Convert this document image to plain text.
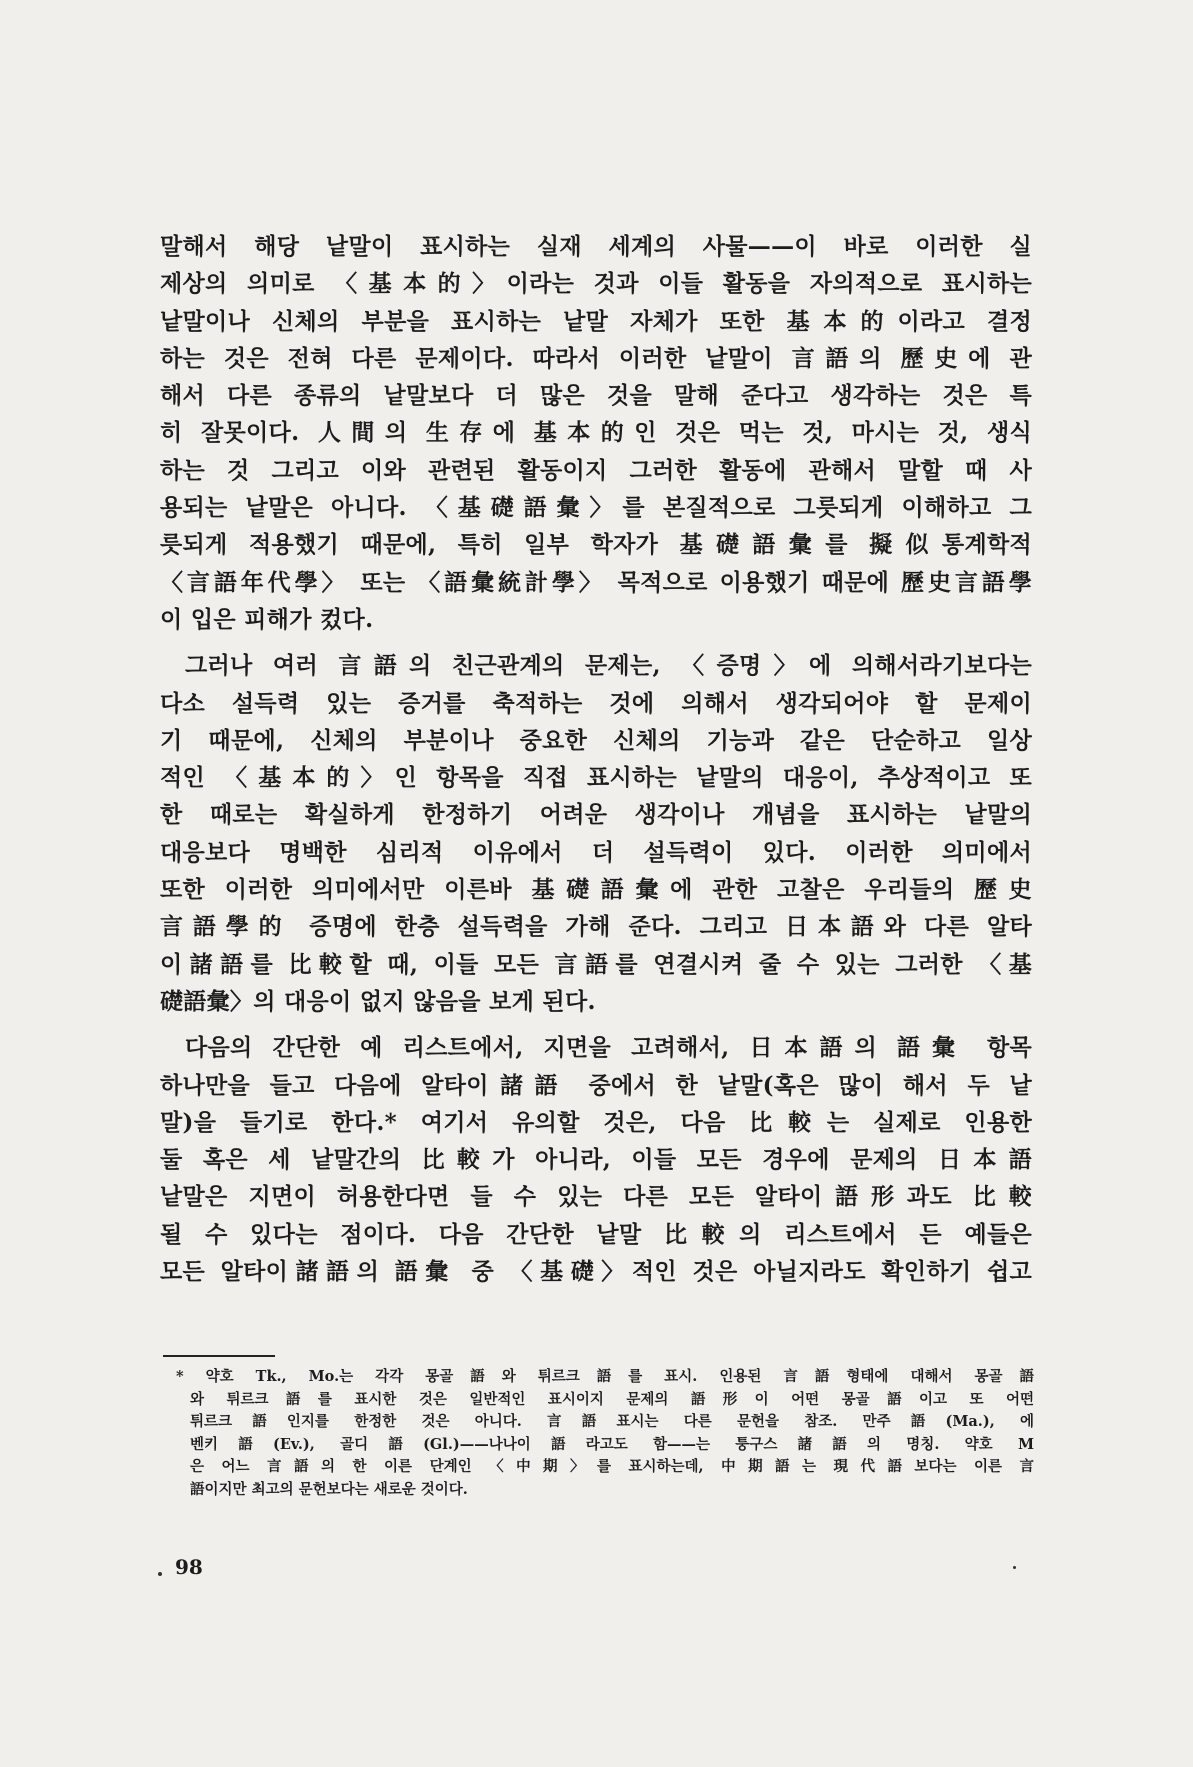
말해서 해당 낱말이 표시하는 실재 세계의 사물——이 바로 이러한 실
제상의 의미로 〈基本的〉이라는 것과 이들 활동을 자의적으로 표시하는
낱말이나 신체의 부분을 표시하는 낱말 자체가 또한 基本的이라고 결정
하는 것은 전혀 다른 문제이다. 따라서 이러한 낱말이 言語의 歷史에 관
해서 다른 종류의 낱말보다 더 많은 것을 말해 준다고 생각하는 것은 특
히 잘못이다. 人間의 生存에 基本的인 것은 먹는 것, 마시는 것, 생식
하는 것 그리고 이와 관련된 활동이지 그러한 활동에 관해서 말할 때 사
용되는 낱말은 아니다. 〈基礎語彙〉를 본질적으로 그릇되게 이해하고 그
릇되게 적용했기 때문에, 특히 일부 학자가 基礎語彙를 擬似통계학적
〈言語年代學〉 또는 〈語彙統計學〉 목적으로 이용했기 때문에 歷史言語學
이 입은 피해가 컸다.
그러나 여러 言語의 친근관계의 문제는, 〈증명〉에 의해서라기보다는
다소 설득력 있는 증거를 축적하는 것에 의해서 생각되어야 할 문제이
기 때문에, 신체의 부분이나 중요한 신체의 기능과 같은 단순하고 일상
적인 〈基本的〉인 항목을 직접 표시하는 낱말의 대응이, 추상적이고 또
한 때로는 확실하게 한정하기 어려운 생각이나 개념을 표시하는 낱말의
대응보다 명백한 심리적 이유에서 더 설득력이 있다. 이러한 의미에서
또한 이러한 의미에서만 이른바 基礎語彙에 관한 고찰은 우리들의 歷史
言語學的 증명에 한층 설득력을 가해 준다. 그리고 日本語와 다른 알타
이諸語를 比較할 때, 이들 모든 言語를 연결시켜 줄 수 있는 그러한 〈基
礎語彙〉의 대응이 없지 않음을 보게 된다.
다음의 간단한 예 리스트에서, 지면을 고려해서, 日本語의 語彙 항목
하나만을 들고 다음에 알타이諸語 중에서 한 낱말(혹은 많이 해서 두 낱
말)을 들기로 한다.* 여기서 유의할 것은, 다음 比較는 실제로 인용한
둘 혹은 세 낱말간의 比較가 아니라, 이들 모든 경우에 문제의 日本語
낱말은 지면이 허용한다면 들 수 있는 다른 모든 알타이語形과도 比較
될 수 있다는 점이다. 다음 간단한 낱말 比較의 리스트에서 든 예들은
모든 알타이諸語의 語彙 중 〈基礎〉적인 것은 아닐지라도 확인하기 쉽고
* 약호 Tk., Mo.는 각각 몽골語와 튀르크語를 표시. 인용된 言語형태에 대해서 몽골語
와 튀르크語를 표시한 것은 일반적인 표시이지 문제의 語形이 어떤 몽골語이고 또 어떤
튀르크語인지를 한정한 것은 아니다. 言語표시는 다른 문헌을 참조. 만주語(Ma.), 에
벤키語(Ev.), 골디語(Gl.)——나나이語라고도 함——는 퉁구스諸語의 명칭. 약호 M
은 어느 言語의 한 이른 단계인 〈中期〉를 표시하는데, 中期語는 現代語보다는 이른 言
語이지만 최고의 문헌보다는 새로운 것이다.
98
